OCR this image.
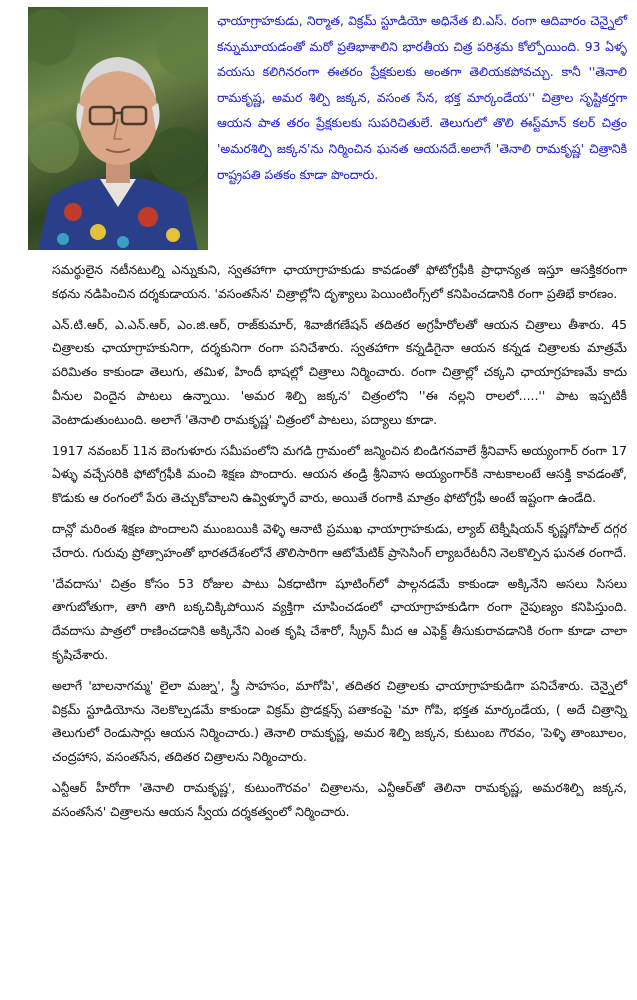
ఛాయాగ్రాహకుడు, నిర్మాత, విక్రమ్ స్టూడియో అధినేత బి.ఎస్. రంగా ఆదివారం చెన్నైలో కన్నుమూయడంతో మరో ప్రతిభాశాలిని భారతీయ చిత్ర పరిశ్రమ కోల్పోయింది. 93 ఏళ్ళ వయసు కలిగినరంగా ఈతరం ప్రేక్షకులకు అంతగా తెలియకపోవచ్చు. కానీ ''తెనాలి రామకృష్ణ, అమర శిల్పి జక్కన, వసంత సేన, భక్త మార్కండేయ'' చిత్రాల సృష్టికర్తగా ఆయన పాత తరం ప్రేక్షకులకు సుపరిచితులే. తెలుగులో తొలి ఈస్ట్‌మాన్ కలర్ చిత్రం 'అమరశిల్పి జక్కన'ను నిర్మించిన ఘనత ఆయనదే.అలాగే 'తెనాలి రామకృష్ణ' చిత్రానికి రాష్ట్రపతి పతకం కూడా పొందారు.

సమర్థులైన నటీనటుల్ని ఎన్నుకుని, స్వతహాగా ఛాయాగ్రాహకుడు కావడంతో ఫోటోగ్రఫీకి ప్రాధాన్యత ఇస్తూ ఆసక్తికరంగా కథను నడిపించిన దర్శకుడాయన. 'వసంతసేన' చిత్రాల్లోని దృశ్యాలు పెయింటింగ్స్‌లో కనిపించడానికి రంగా ప్రతిభే కారణం.

ఎన్.టి.ఆర్, ఎ.ఎన్.ఆర్, ఎం.జి.ఆర్, రాజ్‌కుమార్, శివాజీగణేషన్ తదితర అగ్రహీరోలతో ఆయన చిత్రాలు తీశారు. 45 చిత్రాలకు ఛాయాగ్రాహకునిగా, దర్శకునిగా రంగా పనిచేశారు. స్వతహాగా కన్నడిగైనా ఆయన కన్నడ చిత్రాలకు మాత్రమే పరిమితం కాకుండా తెలుగు, తమిళ, హిందీ భాషల్లో చిత్రాలు నిర్మించారు. రంగా చిత్రాల్లో చక్కని ఛాయాగ్రహణమే కాదు వీనుల విందైన పాటలు ఉన్నాయి. 'అమర శిల్పి జక్కన' చిత్రంలోని ''ఈ నల్లని రాలలో.....'' పాట ఇప్పటికీ వెంటాడుతుంటుంది. అలాగే 'తెనాలి రామకృష్ణ' చిత్రంలో పాటలు, పద్యాలు కూడా.

1917 నవంబర్ 11న బెంగుళూరు సమీపంలోని మగడి గ్రామంలో జన్మించిన బిండిగనవాలే శ్రీనివాస్ అయ్యంగార్ రంగా 17 ఏళ్ళు వచ్చేసరికి ఫోటోగ్రఫీకి మంచి శిక్షణ పొందారు. ఆయన తండ్రి శ్రీనివాస అయ్యంగార్‌కి నాటకాలంటే ఆసక్తి కావడంతో, కొడుకు ఆ రంగంలో పేరు తెచ్చుకోవాలని ఉవ్విళ్ళూరే వారు, అయితే రంగాకి మాత్రం ఫోటోగ్రఫీ అంటే ఇష్టంగా ఉండేది.

దాన్లో మరింత శిక్షణ పొందాలని ముంబయికి వెళ్ళి ఆనాటి ప్రముఖ ఛాయాగ్రాహకుడు, ల్యాబ్ టెక్నీషియన్ కృష్ణగోపాల్ దగ్గర చేరారు. గురువు ప్రోత్సాహంతో భారతదేశంలోనే తొలిసారిగా ఆటోమేటిక్ ప్రాసెసింగ్ ల్యాబరేటరీని నెలకొల్పిన ఘనత రంగాదే.

'దేవదాసు' చిత్రం కోసం 53 రోజుల పాటు ఏకధాటిగా షూటింగ్‌లో పాల్గనడమే కాకుండా అక్కినేని అసలు సిసలు తాగుబోతుగా, తాగి తాగి బక్కచిక్కిపోయిన వ్యక్తిగా చూపించడంలో ఛాయాగ్రాహకుడిగా రంగా నైపుణ్యం కనిపిస్తుంది. దేవదాసు పాత్రలో రాణించడానికి అక్కినేని ఎంత కృషి చేశారో, స్క్రీన్ మీద ఆ ఎఫెక్ట్ తీసుకురావడానికి రంగా కూడా చాలా కృషిచేశారు.

అలాగే 'బాలనాగమ్మ' లైలా మజ్ను', స్త్రీ సాహసం, మాగోపి', తదితర చిత్రాలకు ఛాయాగ్రాహకుడిగా పనిచేశారు. చెన్నైలో విక్రమ్ స్టూడియోను నెలకొల్పడమే కాకుండా విక్రమ్ ప్రొడక్షన్స్ పతాకంపై 'మా గోపి, భక్తత మార్కండేయ, ( అదే చిత్రాన్ని తెలుగులో రెండుసార్లు ఆయన నిర్మించారు.) తెనాలి రామకృష్ణ, అమర శిల్పి జక్కన, కుటుంబ గౌరవం, 'పెళ్ళి తాంబూలం, చంద్రహాస, వసంతసేన, తదితర చిత్రాలను నిర్మించారు.

ఎన్టీఆర్ హీరోగా 'తెనాలి రామకృష్ణ', కుటుంగౌరవం' చిత్రాలను, ఎన్టీఆర్‌తో తెలినా రామకృష్ణ, అమరశిల్పి జక్కన, వసంతసేన' చిత్రాలను ఆయన స్వీయ దర్శకత్వంలో నిర్మించారు.
